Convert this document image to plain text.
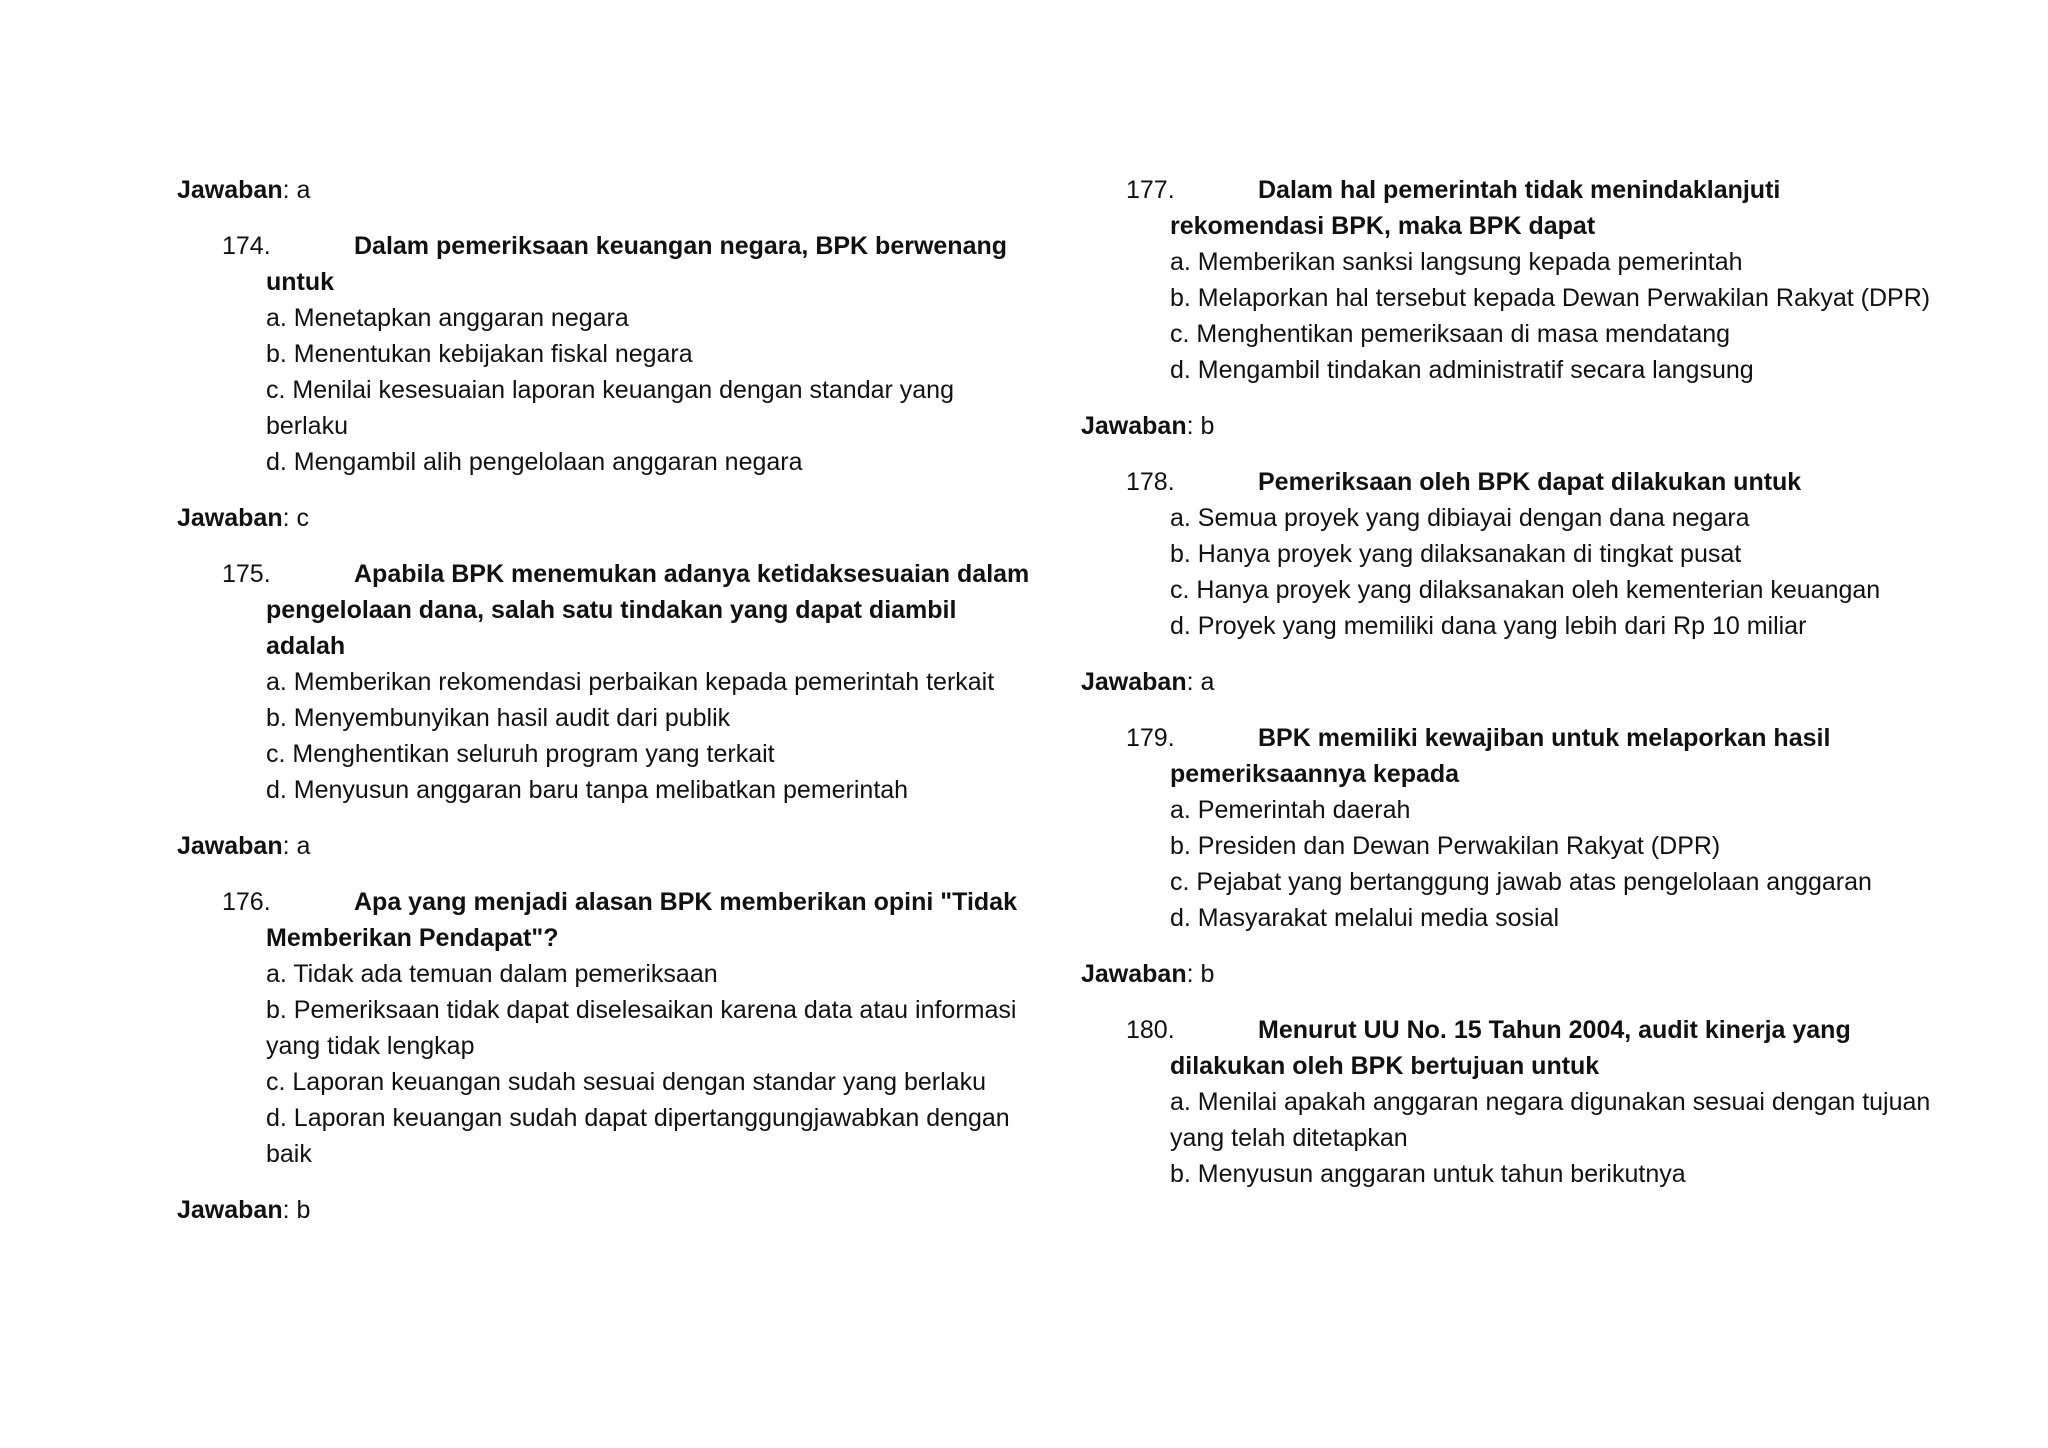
Jawaban: a
174.	Dalam pemeriksaan keuangan negara, BPK berwenang
untuk
a. Menetapkan anggaran negara
b. Menentukan kebijakan fiskal negara
c. Menilai kesesuaian laporan keuangan dengan standar yang berlaku
d. Mengambil alih pengelolaan anggaran negara
Jawaban: c
175.	Apabila BPK menemukan adanya ketidaksesuaian dalam
pengelolaan dana, salah satu tindakan yang dapat diambil adalah
a. Memberikan rekomendasi perbaikan kepada pemerintah terkait
b. Menyembunyikan hasil audit dari publik
c. Menghentikan seluruh program yang terkait
d. Menyusun anggaran baru tanpa melibatkan pemerintah
Jawaban: a
176.	Apa yang menjadi alasan BPK memberikan opini "Tidak
Memberikan Pendapat"?
a. Tidak ada temuan dalam pemeriksaan
b. Pemeriksaan tidak dapat diselesaikan karena data atau informasi yang tidak lengkap
c. Laporan keuangan sudah sesuai dengan standar yang berlaku
d. Laporan keuangan sudah dapat dipertanggungjawabkan dengan baik
Jawaban: b
177.	Dalam hal pemerintah tidak menindaklanjuti
rekomendasi BPK, maka BPK dapat
a. Memberikan sanksi langsung kepada pemerintah
b. Melaporkan hal tersebut kepada Dewan Perwakilan Rakyat (DPR)
c. Menghentikan pemeriksaan di masa mendatang
d. Mengambil tindakan administratif secara langsung
Jawaban: b
178.	Pemeriksaan oleh BPK dapat dilakukan untuk
a. Semua proyek yang dibiayai dengan dana negara
b. Hanya proyek yang dilaksanakan di tingkat pusat
c. Hanya proyek yang dilaksanakan oleh kementerian keuangan
d. Proyek yang memiliki dana yang lebih dari Rp 10 miliar
Jawaban: a
179.	BPK memiliki kewajiban untuk melaporkan hasil
pemeriksaannya kepada
a. Pemerintah daerah
b. Presiden dan Dewan Perwakilan Rakyat (DPR)
c. Pejabat yang bertanggung jawab atas pengelolaan anggaran
d. Masyarakat melalui media sosial
Jawaban: b
180.	Menurut UU No. 15 Tahun 2004, audit kinerja yang
dilakukan oleh BPK bertujuan untuk
a. Menilai apakah anggaran negara digunakan sesuai dengan tujuan yang telah ditetapkan
b. Menyusun anggaran untuk tahun berikutnya
